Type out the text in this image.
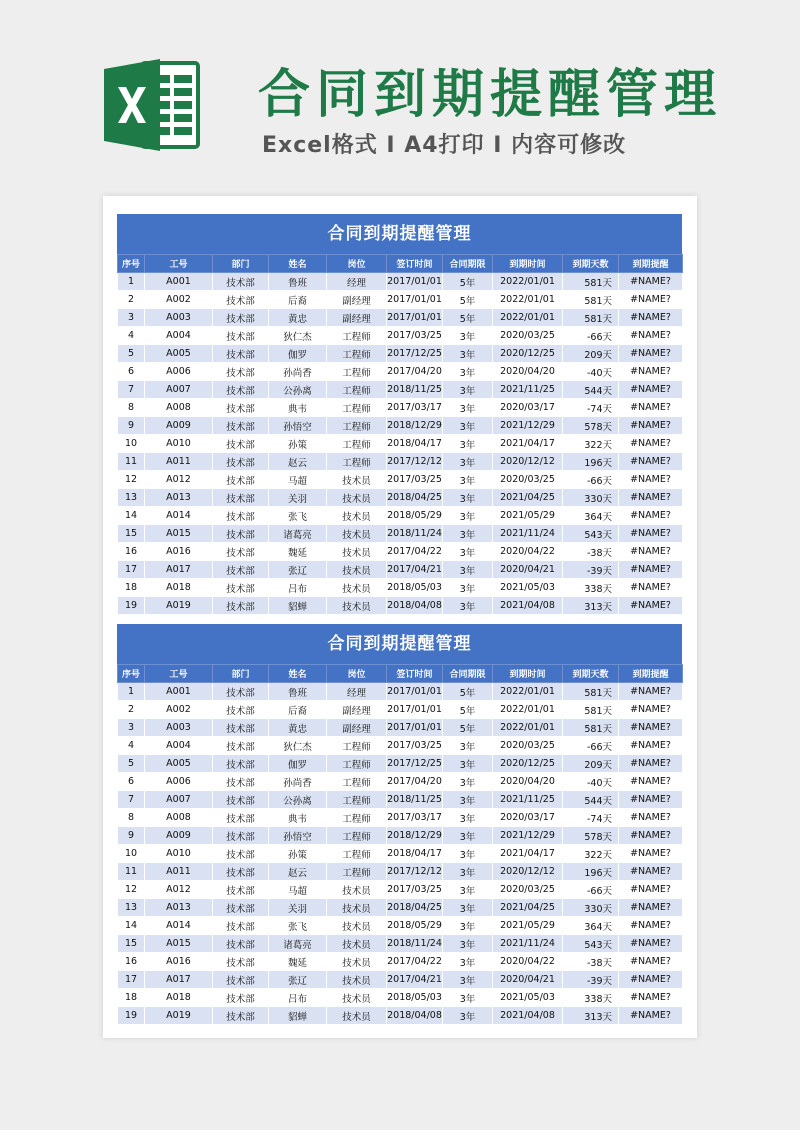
合同到期提醒管理
Excel格式 I A4打印 I 内容可修改
合同到期提醒管理
序号	工号	部门	姓名	岗位	签订时间	合同期限	到期时间	到期天数	到期提醒
1	A001	技术部	鲁班	经理	2017/01/01	5年	2022/01/01	581天	#NAME?
2	A002	技术部	后裔	副经理	2017/01/01	5年	2022/01/01	581天	#NAME?
3	A003	技术部	黄忠	副经理	2017/01/01	5年	2022/01/01	581天	#NAME?
4	A004	技术部	狄仁杰	工程师	2017/03/25	3年	2020/03/25	-66天	#NAME?
5	A005	技术部	伽罗	工程师	2017/12/25	3年	2020/12/25	209天	#NAME?
6	A006	技术部	孙尚香	工程师	2017/04/20	3年	2020/04/20	-40天	#NAME?
7	A007	技术部	公孙离	工程师	2018/11/25	3年	2021/11/25	544天	#NAME?
8	A008	技术部	典韦	工程师	2017/03/17	3年	2020/03/17	-74天	#NAME?
9	A009	技术部	孙悟空	工程师	2018/12/29	3年	2021/12/29	578天	#NAME?
10	A010	技术部	孙策	工程师	2018/04/17	3年	2021/04/17	322天	#NAME?
11	A011	技术部	赵云	工程师	2017/12/12	3年	2020/12/12	196天	#NAME?
12	A012	技术部	马超	技术员	2017/03/25	3年	2020/03/25	-66天	#NAME?
13	A013	技术部	关羽	技术员	2018/04/25	3年	2021/04/25	330天	#NAME?
14	A014	技术部	张飞	技术员	2018/05/29	3年	2021/05/29	364天	#NAME?
15	A015	技术部	诸葛亮	技术员	2018/11/24	3年	2021/11/24	543天	#NAME?
16	A016	技术部	魏延	技术员	2017/04/22	3年	2020/04/22	-38天	#NAME?
17	A017	技术部	张辽	技术员	2017/04/21	3年	2020/04/21	-39天	#NAME?
18	A018	技术部	吕布	技术员	2018/05/03	3年	2021/05/03	338天	#NAME?
19	A019	技术部	貂蝉	技术员	2018/04/08	3年	2021/04/08	313天	#NAME?
合同到期提醒管理
序号	工号	部门	姓名	岗位	签订时间	合同期限	到期时间	到期天数	到期提醒
1	A001	技术部	鲁班	经理	2017/01/01	5年	2022/01/01	581天	#NAME?
2	A002	技术部	后裔	副经理	2017/01/01	5年	2022/01/01	581天	#NAME?
3	A003	技术部	黄忠	副经理	2017/01/01	5年	2022/01/01	581天	#NAME?
4	A004	技术部	狄仁杰	工程师	2017/03/25	3年	2020/03/25	-66天	#NAME?
5	A005	技术部	伽罗	工程师	2017/12/25	3年	2020/12/25	209天	#NAME?
6	A006	技术部	孙尚香	工程师	2017/04/20	3年	2020/04/20	-40天	#NAME?
7	A007	技术部	公孙离	工程师	2018/11/25	3年	2021/11/25	544天	#NAME?
8	A008	技术部	典韦	工程师	2017/03/17	3年	2020/03/17	-74天	#NAME?
9	A009	技术部	孙悟空	工程师	2018/12/29	3年	2021/12/29	578天	#NAME?
10	A010	技术部	孙策	工程师	2018/04/17	3年	2021/04/17	322天	#NAME?
11	A011	技术部	赵云	工程师	2017/12/12	3年	2020/12/12	196天	#NAME?
12	A012	技术部	马超	技术员	2017/03/25	3年	2020/03/25	-66天	#NAME?
13	A013	技术部	关羽	技术员	2018/04/25	3年	2021/04/25	330天	#NAME?
14	A014	技术部	张飞	技术员	2018/05/29	3年	2021/05/29	364天	#NAME?
15	A015	技术部	诸葛亮	技术员	2018/11/24	3年	2021/11/24	543天	#NAME?
16	A016	技术部	魏延	技术员	2017/04/22	3年	2020/04/22	-38天	#NAME?
17	A017	技术部	张辽	技术员	2017/04/21	3年	2020/04/21	-39天	#NAME?
18	A018	技术部	吕布	技术员	2018/05/03	3年	2021/05/03	338天	#NAME?
19	A019	技术部	貂蝉	技术员	2018/04/08	3年	2021/04/08	313天	#NAME?
